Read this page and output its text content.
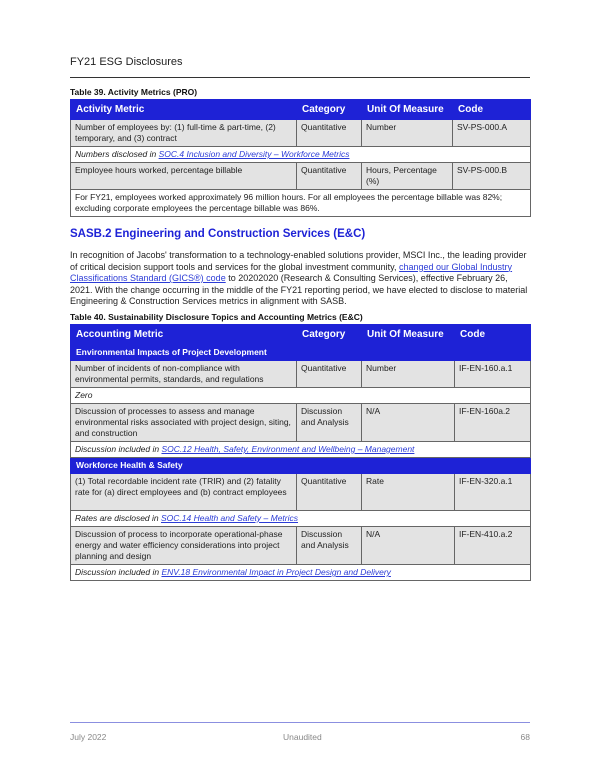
FY21 ESG Disclosures
Table 39. Activity Metrics (PRO)
Activity Metric	Category	Unit Of Measure	Code
Number of employees by: (1) full-time & part-time, (2) temporary, and (3) contract	Quantitative	Number	SV-PS-000.A
Numbers disclosed in SOC.4 Inclusion and Diversity – Workforce Metrics			
Employee hours worked, percentage billable	Quantitative	Hours, Percentage (%)	SV-PS-000.B
For FY21, employees worked approximately 96 million hours. For all employees the percentage billable was 82%; excluding corporate employees the percentage billable was 86%.			
SASB.2 Engineering and Construction Services (E&C)
In recognition of Jacobs' transformation to a technology-enabled solutions provider, MSCI Inc., the leading provider of critical decision support tools and services for the global investment community, changed our Global Industry Classifications Standard (GICS®) code to 20202020 (Research & Consulting Services), effective February 26, 2021. With the change occurring in the middle of the FY21 reporting period, we have elected to disclose to material Engineering & Construction Services metrics in alignment with SASB.
Table 40. Sustainability Disclosure Topics and Accounting Metrics (E&C)
Accounting Metric	Category	Unit Of Measure	Code
Environmental Impacts of Project Development			
Number of incidents of non-compliance with environmental permits, standards, and regulations	Quantitative	Number	IF-EN-160.a.1
Zero			
Discussion of processes to assess and manage environmental risks associated with project design, siting, and construction	Discussion and Analysis	N/A	IF-EN-160a.2
Discussion included in SOC.12 Health, Safety, Environment and Wellbeing – Management			
Workforce Health & Safety			
(1) Total recordable incident rate (TRIR) and (2) fatality rate for (a) direct employees and (b) contract employees	Quantitative	Rate	IF-EN-320.a.1
Rates are disclosed in SOC.14 Health and Safety – Metrics			
Discussion of process to incorporate operational-phase energy and water efficiency considerations into project planning and design	Discussion and Analysis	N/A	IF-EN-410.a.2
Discussion included in ENV.18 Environmental Impact in Project Design and Delivery			
July 2022	Unaudited	68
